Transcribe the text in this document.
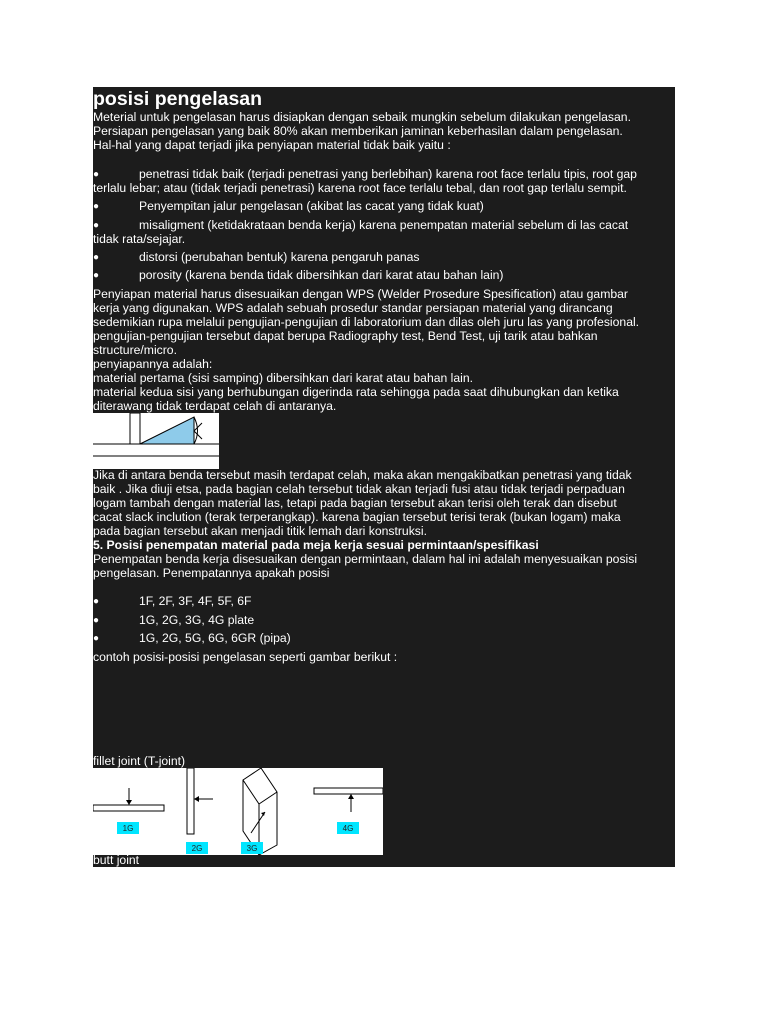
posisi pengelasan
Meterial untuk pengelasan harus disiapkan dengan sebaik mungkin sebelum dilakukan pengelasan.
Persiapan pengelasan yang baik 80% akan memberikan jaminan keberhasilan dalam pengelasan.
Hal-hal yang dapat terjadi jika penyiapan material tidak baik yaitu :
●	penetrasi tidak baik (terjadi penetrasi yang berlebihan) karena root face terlalu tipis, root gap
terlalu lebar; atau (tidak terjadi penetrasi) karena root face terlalu tebal, dan root gap terlalu sempit.
●	Penyempitan jalur pengelasan (akibat las cacat yang tidak kuat)
●	misaligment (ketidakrataan benda kerja) karena penempatan material sebelum di las cacat
tidak rata/sejajar.
●	distorsi (perubahan bentuk) karena pengaruh panas
●	porosity (karena benda tidak dibersihkan dari karat atau bahan lain)
Penyiapan material harus disesuaikan dengan WPS (Welder Prosedure Spesification) atau gambar
kerja yang digunakan. WPS adalah sebuah prosedur standar persiapan material yang dirancang
sedemikian rupa melalui pengujian-pengujian di laboratorium dan dilas oleh juru las yang profesional.
pengujian-pengujian tersebut dapat berupa Radiography test, Bend Test, uji tarik atau bahkan
structure/micro.
penyiapannya adalah:
material pertama (sisi samping) dibersihkan dari karat atau bahan lain.
material kedua sisi yang berhubungan digerinda rata sehingga pada saat dihubungkan dan ketika
diterawang tidak terdapat celah di antaranya.
Jika di antara benda tersebut masih terdapat celah, maka akan mengakibatkan penetrasi yang tidak
baik . Jika diuji etsa, pada bagian celah tersebut tidak akan terjadi fusi atau tidak terjadi perpaduan
logam tambah dengan material las, tetapi pada bagian tersebut akan terisi oleh terak dan disebut
cacat slack inclution (terak terperangkap). karena bagian tersebut terisi terak (bukan logam) maka
pada bagian tersebut akan menjadi titik lemah dari konstruksi.
5. Posisi penempatan material pada meja kerja sesuai permintaan/spesifikasi
Penempatan benda kerja disesuaikan dengan permintaan, dalam hal ini adalah menyesuaikan posisi
pengelasan. Penempatannya apakah posisi
●	1F, 2F, 3F, 4F, 5F, 6F
●	1G, 2G, 3G, 4G plate
●	1G, 2G, 5G, 6G, 6GR (pipa)
contoh posisi-posisi pengelasan seperti gambar berikut :
fillet joint (T-joint)
1G
2G	3G
4G
butt joint
